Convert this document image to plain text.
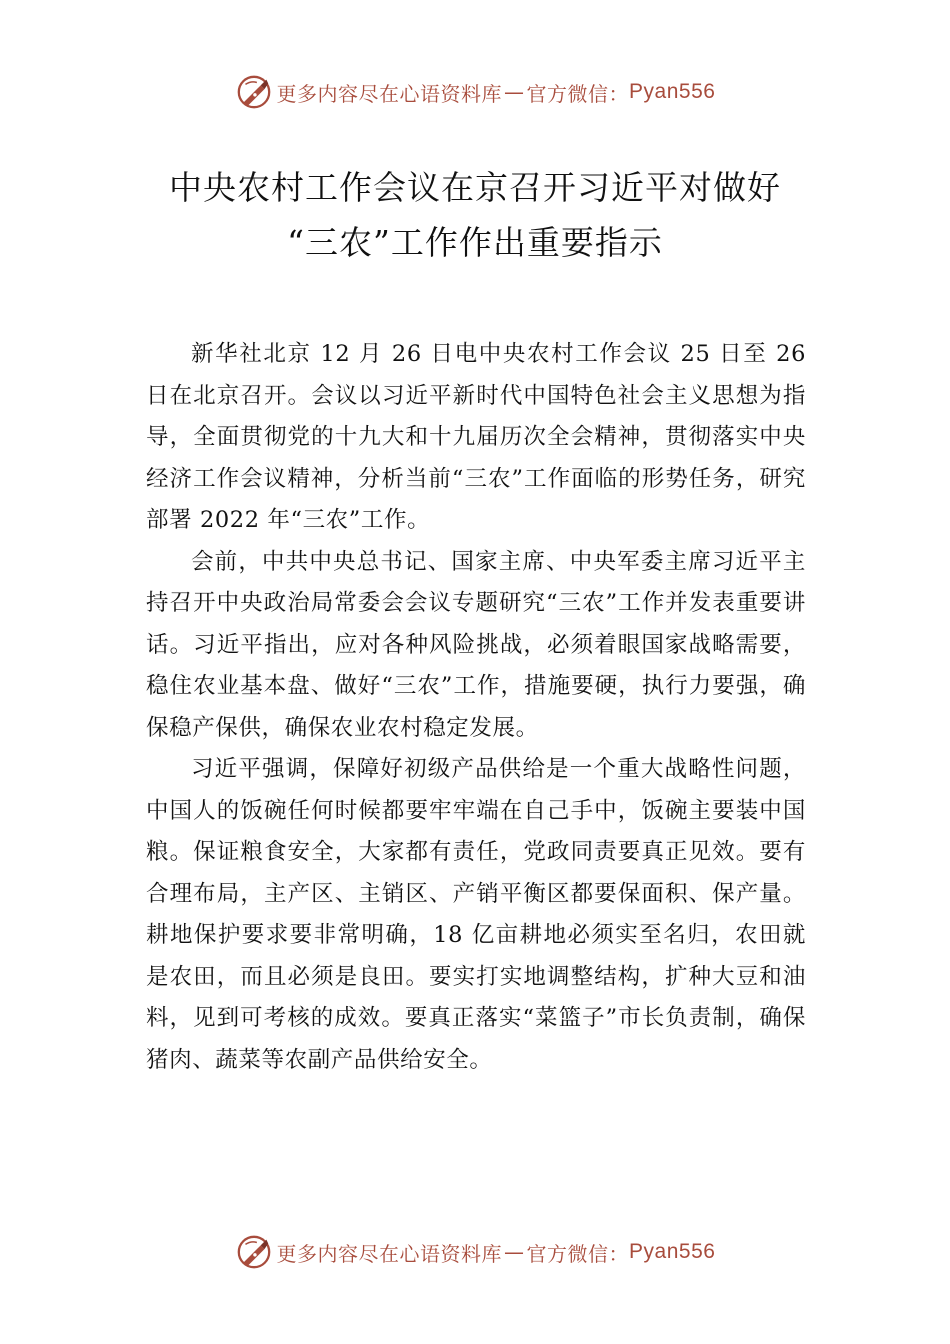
更多内容尽在心语资料库 — 官方微信： Pyan556
中央农村工作会议在京召开习近平对做好
“三农”工作作出重要指示

新华社北京 12 月 26 日电中央农村工作会议 25 日至 26 日在北京召开。会议以习近平新时代中国特色社会主义思想为指导，全面贯彻党的十九大和十九届历次全会精神，贯彻落实中央经济工作会议精神，分析当前“三农”工作面临的形势任务，研究部署 2022 年“三农”工作。

会前，中共中央总书记、国家主席、中央军委主席习近平主持召开中央政治局常委会会议专题研究“三农”工作并发表重要讲话。习近平指出，应对各种风险挑战，必须着眼国家战略需要，稳住农业基本盘、做好“三农”工作，措施要硬，执行力要强，确保稳产保供，确保农业农村稳定发展。

习近平强调，保障好初级产品供给是一个重大战略性问题，中国人的饭碗任何时候都要牢牢端在自己手中，饭碗主要装中国粮。保证粮食安全，大家都有责任，党政同责要真正见效。要有合理布局，主产区、主销区、产销平衡区都要保面积、保产量。耕地保护要求要非常明确，18 亿亩耕地必须实至名归，农田就是农田，而且必须是良田。要实打实地调整结构，扩种大豆和油料，见到可考核的成效。要真正落实“菜篮子”市长负责制，确保猪肉、蔬菜等农副产品供给安全。

更多内容尽在心语资料库 — 官方微信： Pyan556
